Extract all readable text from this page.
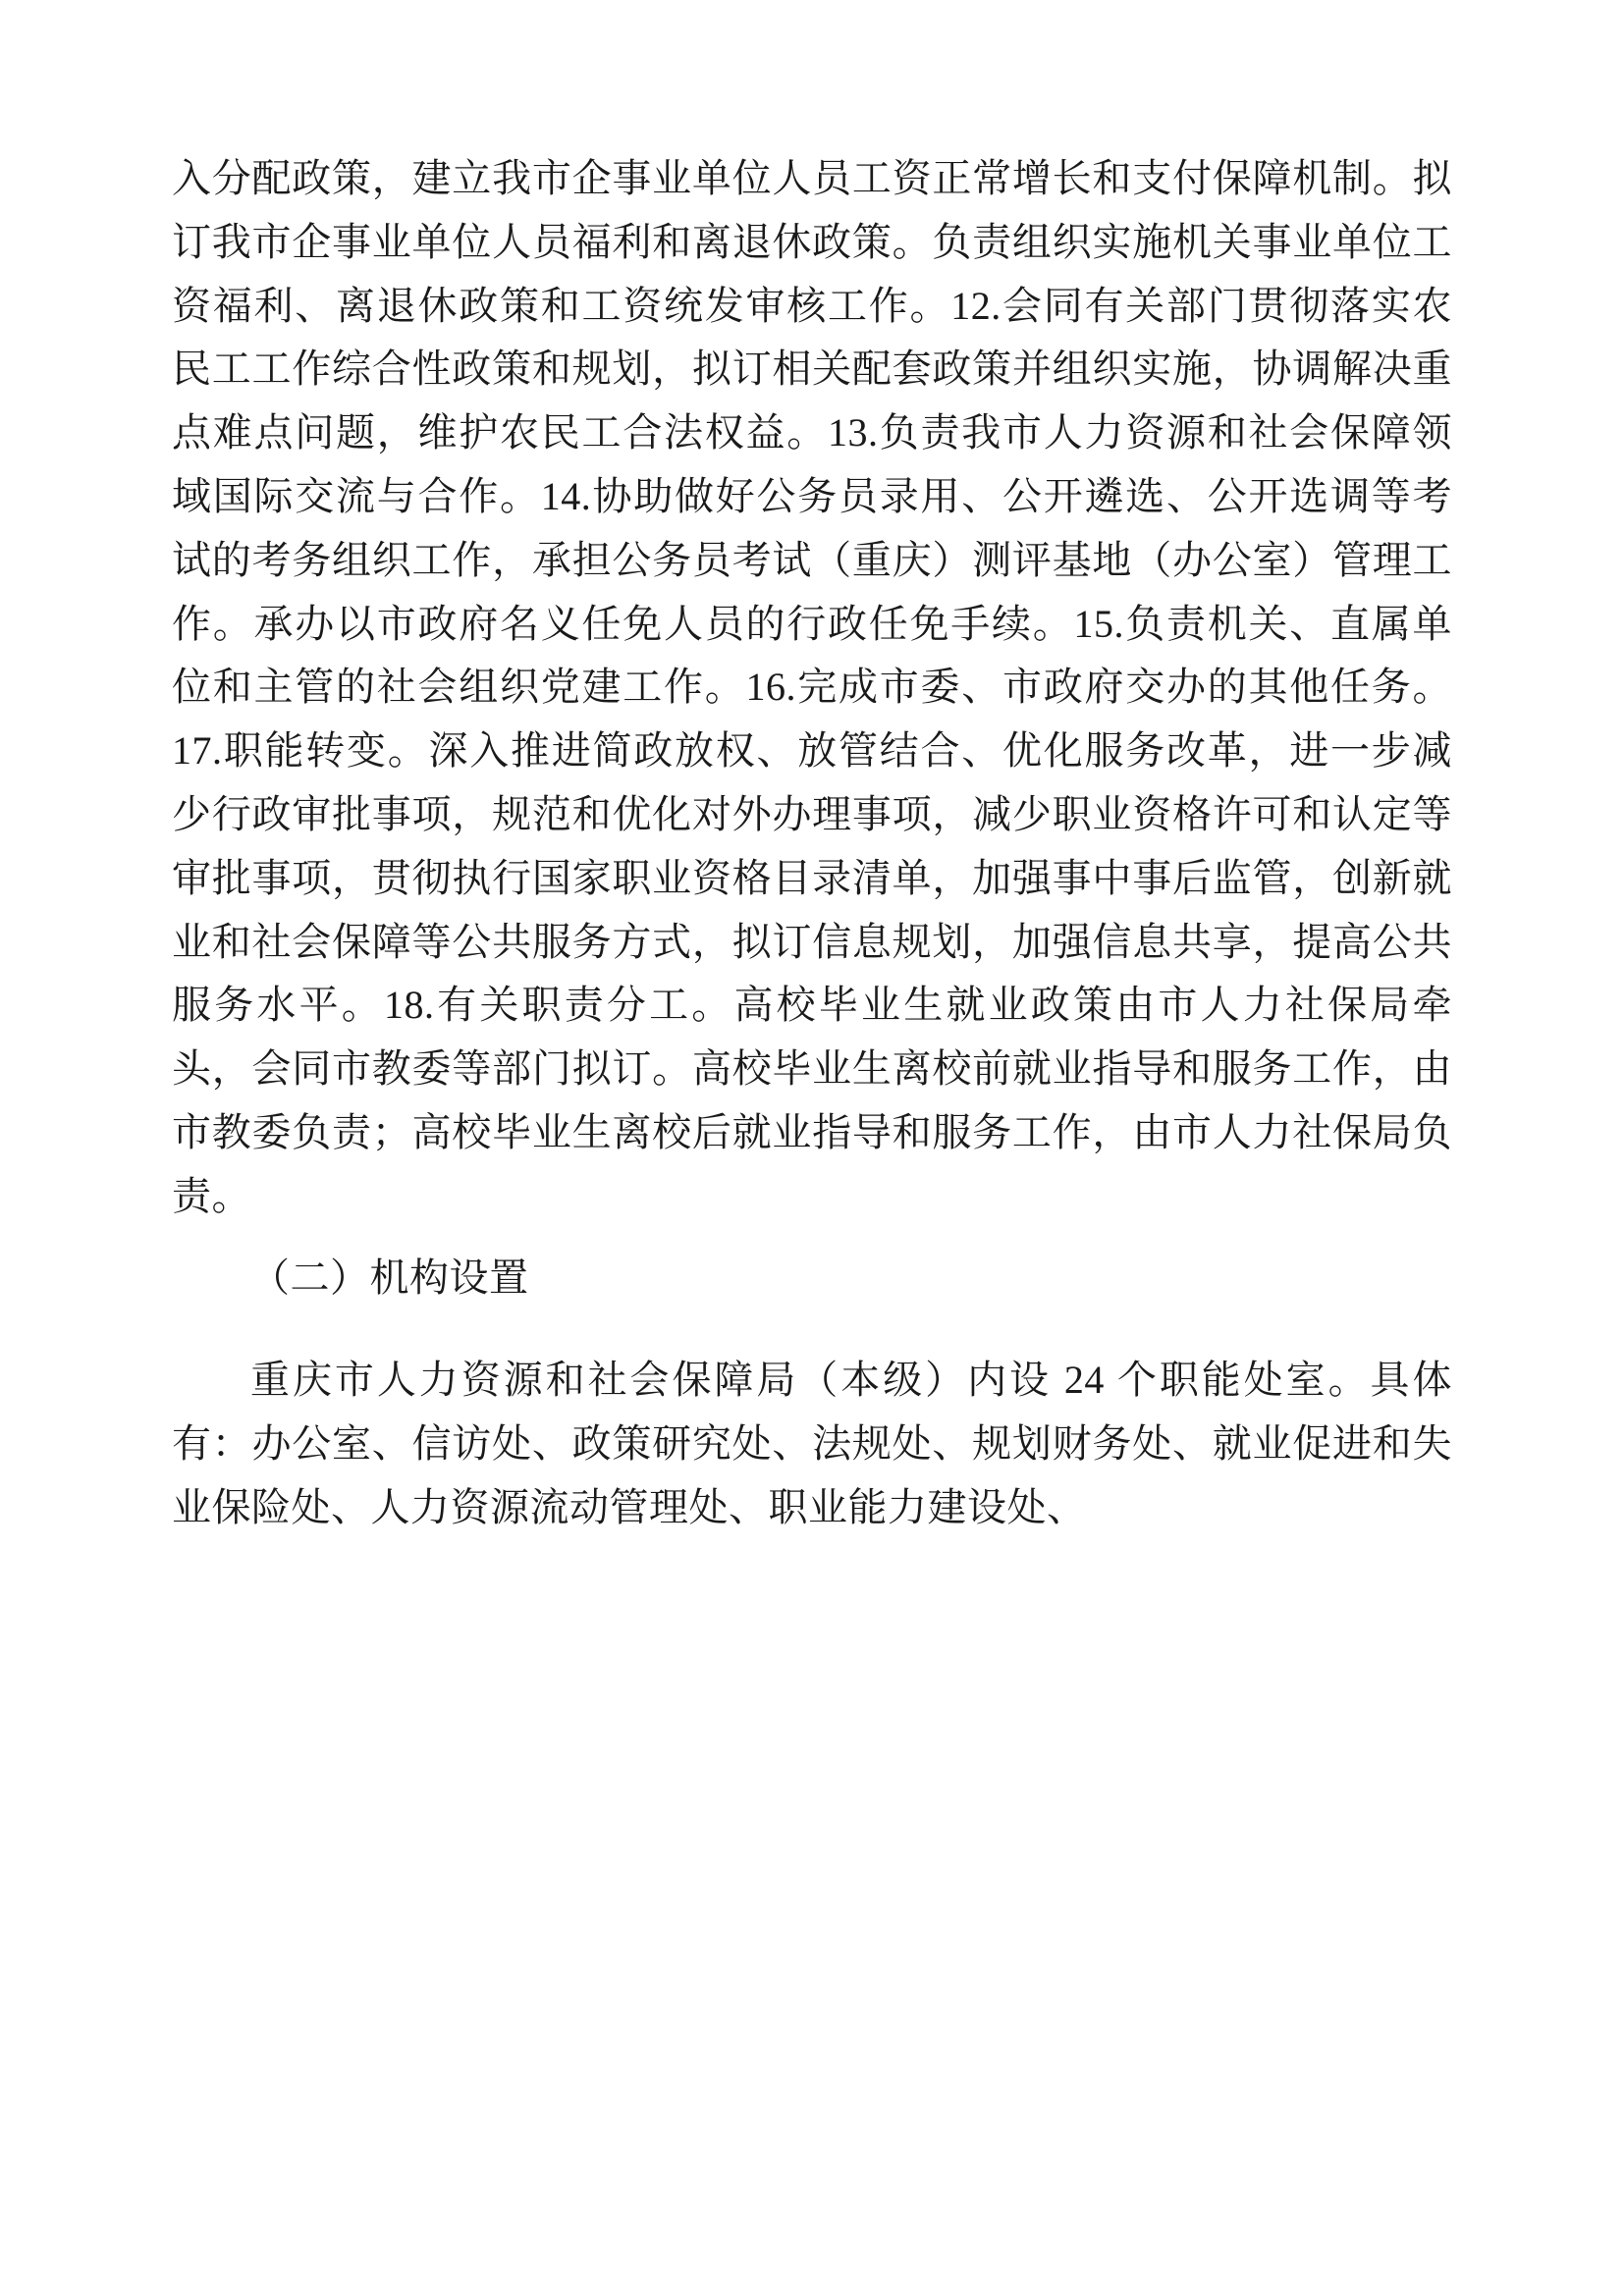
入分配政策，建立我市企事业单位人员工资正常增长和支付保障机制。拟订我市企事业单位人员福利和离退休政策。负责组织实施机关事业单位工资福利、离退休政策和工资统发审核工作。12.会同有关部门贯彻落实农民工工作综合性政策和规划，拟订相关配套政策并组织实施，协调解决重点难点问题，维护农民工合法权益。13.负责我市人力资源和社会保障领域国际交流与合作。14.协助做好公务员录用、公开遴选、公开选调等考试的考务组织工作，承担公务员考试（重庆）测评基地（办公室）管理工作。承办以市政府名义任免人员的行政任免手续。15.负责机关、直属单位和主管的社会组织党建工作。16.完成市委、市政府交办的其他任务。17.职能转变。深入推进简政放权、放管结合、优化服务改革，进一步减少行政审批事项，规范和优化对外办理事项，减少职业资格许可和认定等审批事项，贯彻执行国家职业资格目录清单，加强事中事后监管，创新就业和社会保障等公共服务方式，拟订信息规划，加强信息共享，提高公共服务水平。18.有关职责分工。高校毕业生就业政策由市人力社保局牵头，会同市教委等部门拟订。高校毕业生离校前就业指导和服务工作，由市教委负责；高校毕业生离校后就业指导和服务工作，由市人力社保局负责。

（二）机构设置

重庆市人力资源和社会保障局（本级）内设 24 个职能处室。具体有：办公室、信访处、政策研究处、法规处、规划财务处、就业促进和失业保险处、人力资源流动管理处、职业能力建设处、
